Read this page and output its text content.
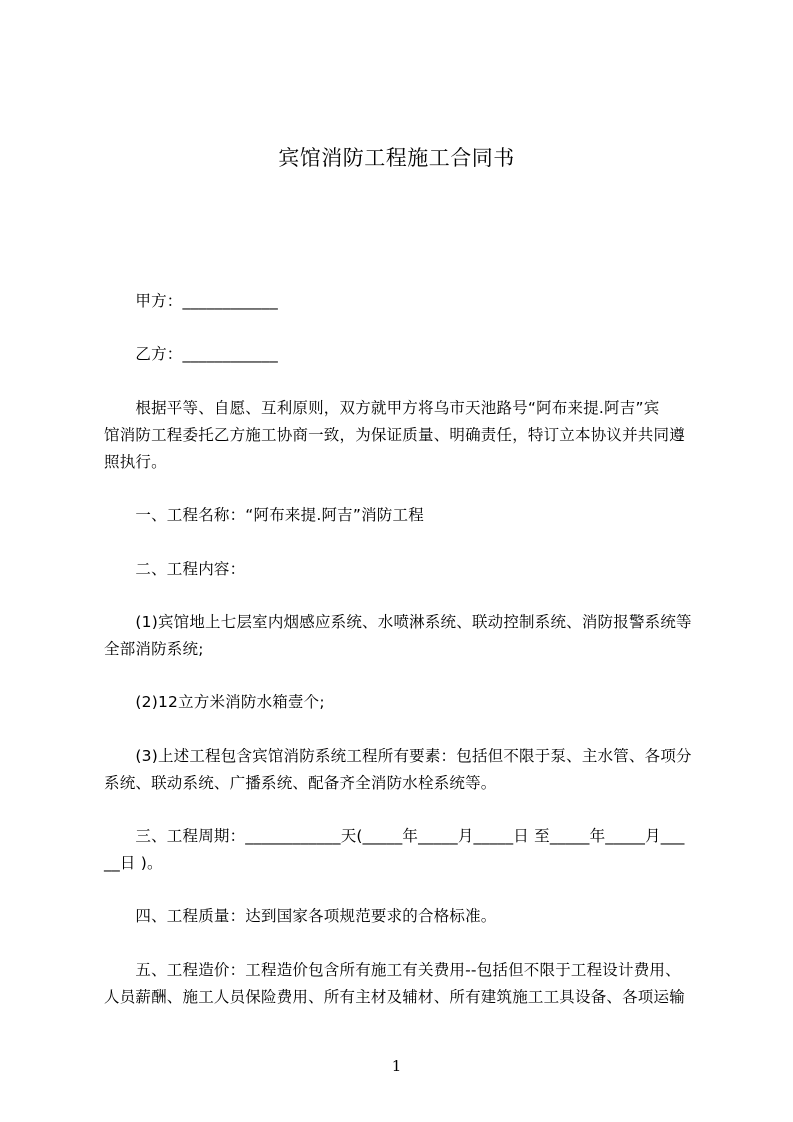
宾馆消防工程施工合同书
　　甲方：____________
　　乙方：____________
　　根据平等、自愿、互利原则，双方就甲方将乌市天池路号“阿布来提.阿吉”宾
馆消防工程委托乙方施工协商一致，为保证质量、明确责任，特订立本协议并共同遵
照执行。
　　一、工程名称：“阿布来提.阿吉”消防工程
　　二、工程内容：
　　(1)宾馆地上七层室内烟感应系统、水喷淋系统、联动控制系统、消防报警系统等
全部消防系统;
　　(2)12立方米消防水箱壹个;
　　(3)上述工程包含宾馆消防系统工程所有要素：包括但不限于泵、主水管、各项分
系统、联动系统、广播系统、配备齐全消防水栓系统等。
　　三、工程周期：____________天(_____年_____月_____日 至_____年_____月___
__日 )。
　　四、工程质量：达到国家各项规范要求的合格标准。
　　五、工程造价：工程造价包含所有施工有关费用--包括但不限于工程设计费用、
人员薪酬、施工人员保险费用、所有主材及辅材、所有建筑施工工具设备、各项运输
1
